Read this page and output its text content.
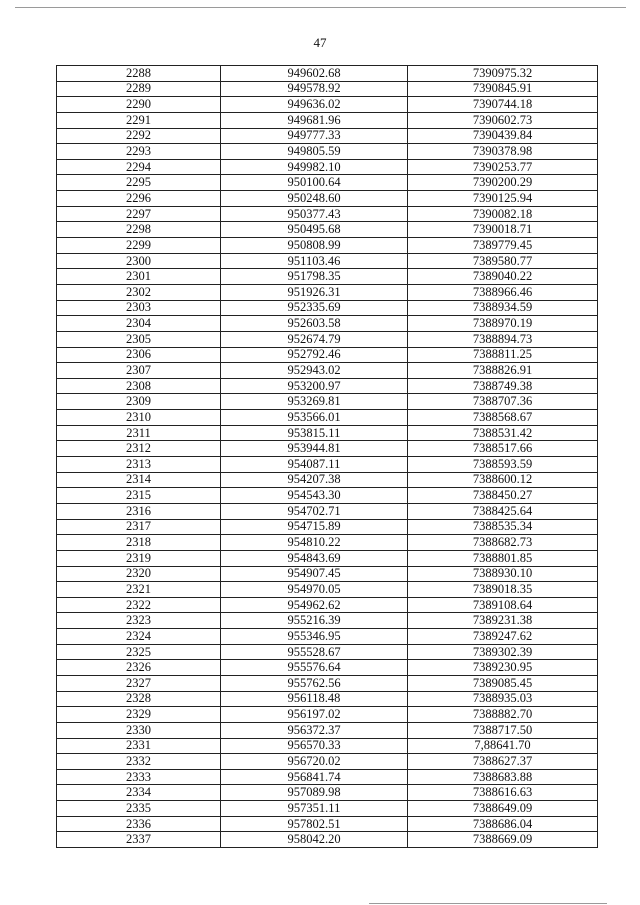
47
2288	949602.68	7390975.32
2289	949578.92	7390845.91
2290	949636.02	7390744.18
2291	949681.96	7390602.73
2292	949777.33	7390439.84
2293	949805.59	7390378.98
2294	949982.10	7390253.77
2295	950100.64	7390200.29
2296	950248.60	7390125.94
2297	950377.43	7390082.18
2298	950495.68	7390018.71
2299	950808.99	7389779.45
2300	951103.46	7389580.77
2301	951798.35	7389040.22
2302	951926.31	7388966.46
2303	952335.69	7388934.59
2304	952603.58	7388970.19
2305	952674.79	7388894.73
2306	952792.46	7388811.25
2307	952943.02	7388826.91
2308	953200.97	7388749.38
2309	953269.81	7388707.36
2310	953566.01	7388568.67
2311	953815.11	7388531.42
2312	953944.81	7388517.66
2313	954087.11	7388593.59
2314	954207.38	7388600.12
2315	954543.30	7388450.27
2316	954702.71	7388425.64
2317	954715.89	7388535.34
2318	954810.22	7388682.73
2319	954843.69	7388801.85
2320	954907.45	7388930.10
2321	954970.05	7389018.35
2322	954962.62	7389108.64
2323	955216.39	7389231.38
2324	955346.95	7389247.62
2325	955528.67	7389302.39
2326	955576.64	7389230.95
2327	955762.56	7389085.45
2328	956118.48	7388935.03
2329	956197.02	7388882.70
2330	956372.37	7388717.50
2331	956570.33	7,88641.70
2332	956720.02	7388627.37
2333	956841.74	7388683.88
2334	957089.98	7388616.63
2335	957351.11	7388649.09
2336	957802.51	7388686.04
2337	958042.20	7388669.09
